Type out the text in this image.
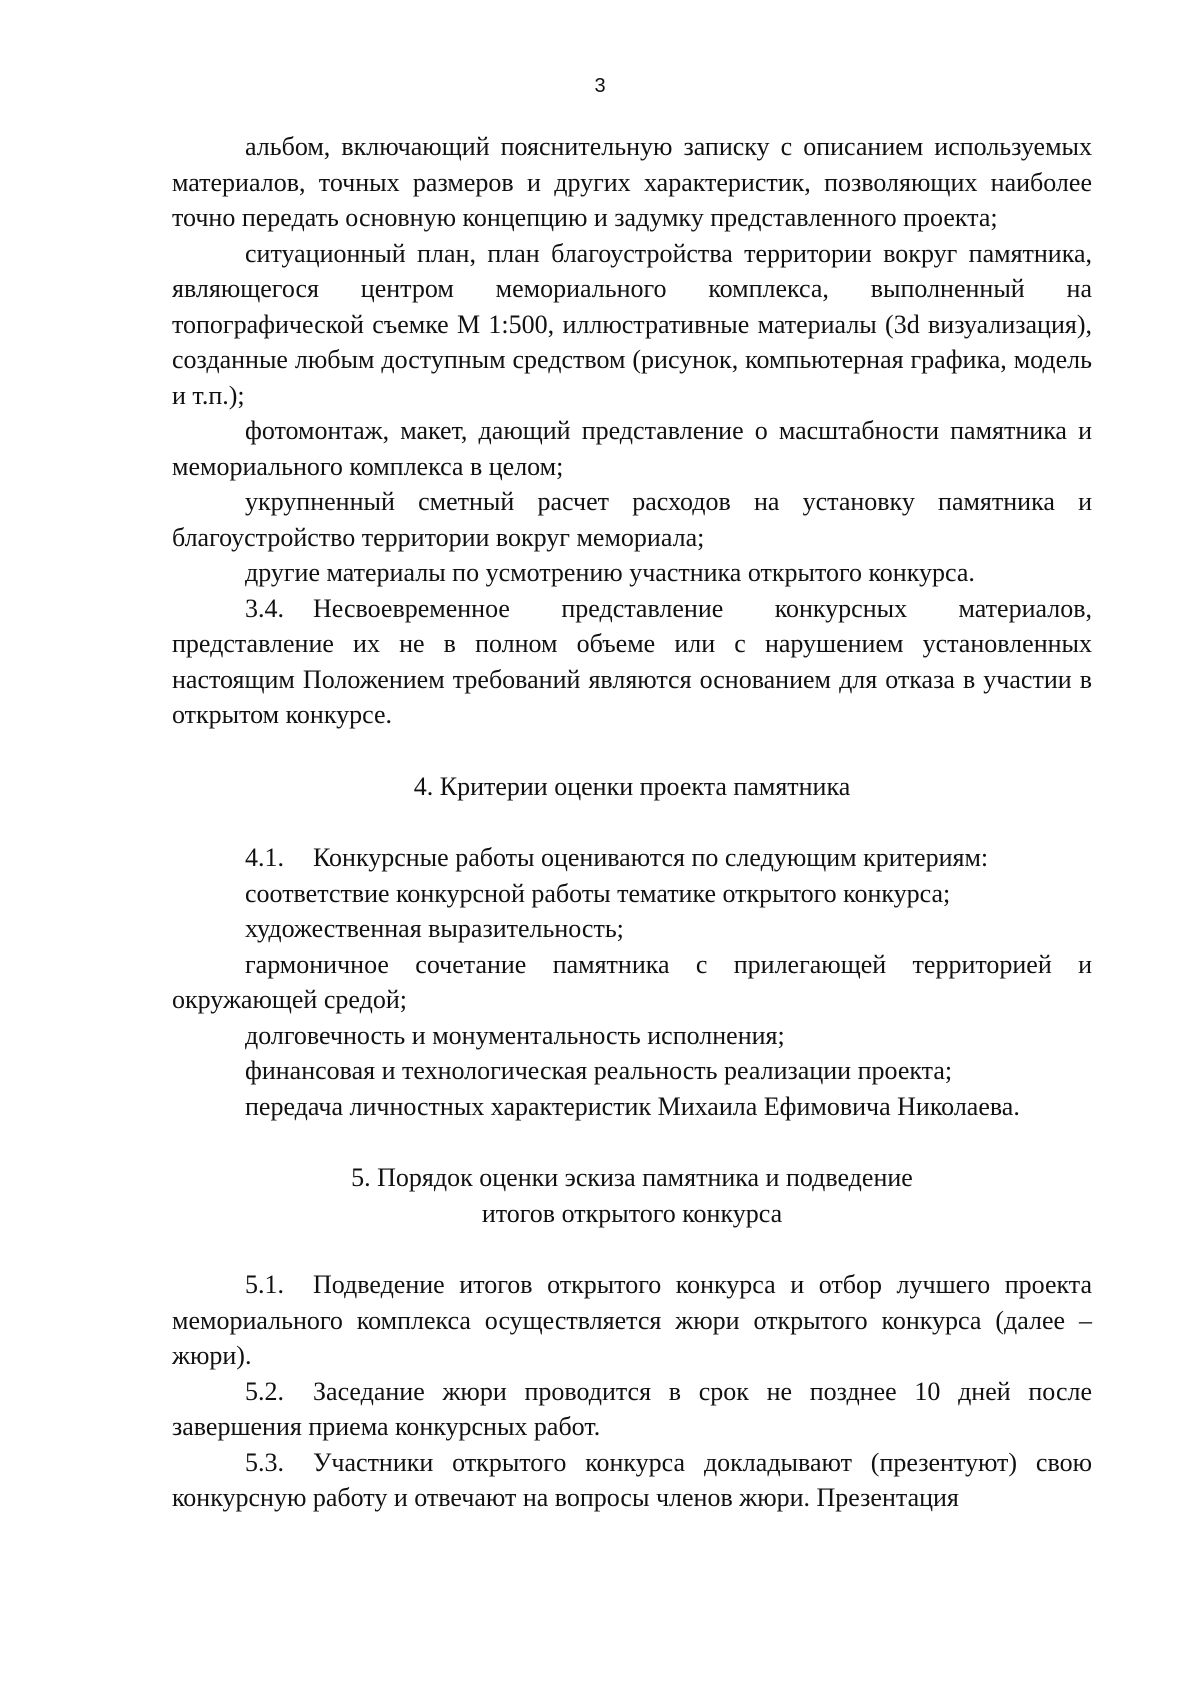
3

альбом, включающий пояснительную записку с описанием используемых материалов, точных размеров и других характеристик, позволяющих наиболее точно передать основную концепцию и задумку представленного проекта;

ситуационный план, план благоустройства территории вокруг памятника, являющегося центром мемориального комплекса, выполненный на топографической съемке М 1:500, иллюстративные материалы (3d визуализация), созданные любым доступным средством (рисунок, компьютерная графика, модель и т.п.);

фотомонтаж, макет, дающий представление о масштабности памятника и мемориального комплекса в целом;

укрупненный сметный расчет расходов на установку памятника и благоустройство территории вокруг мемориала;

другие материалы по усмотрению участника открытого конкурса.

3.4. Несвоевременное представление конкурсных материалов, представление их не в полном объеме или с нарушением установленных настоящим Положением требований являются основанием для отказа в участии в открытом конкурсе.

4. Критерии оценки проекта памятника

4.1. Конкурсные работы оцениваются по следующим критериям:

соответствие конкурсной работы тематике открытого конкурса;

художественная выразительность;

гармоничное сочетание памятника с прилегающей территорией и окружающей средой;

долговечность и монументальность исполнения;

финансовая и технологическая реальность реализации проекта;

передача личностных характеристик Михаила Ефимовича Николаева.

5. Порядок оценки эскиза памятника и подведение
итогов открытого конкурса

5.1. Подведение итогов открытого конкурса и отбор лучшего проекта мемориального комплекса осуществляется жюри открытого конкурса (далее – жюри).

5.2. Заседание жюри проводится в срок не позднее 10 дней после завершения приема конкурсных работ.

5.3. Участники открытого конкурса докладывают (презентуют) свою конкурсную работу и отвечают на вопросы членов жюри. Презентация
